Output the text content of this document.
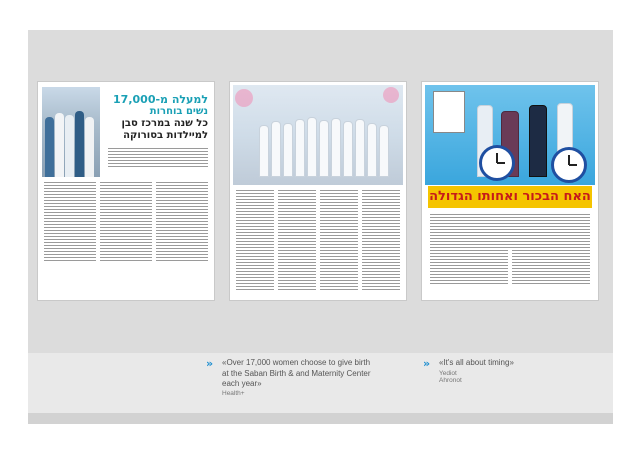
למעלה מ-17,000
נשים בוחרות
כל שנה במרכז סבן
למיילדות בסורוקה
האח הבכור ואחותו הגדולה
» «Over 17,000 women choose to give birth at the Saban Birth & and Maternity Center each year»
Health+
» «It's all about timing»
Yediot Ahronot
